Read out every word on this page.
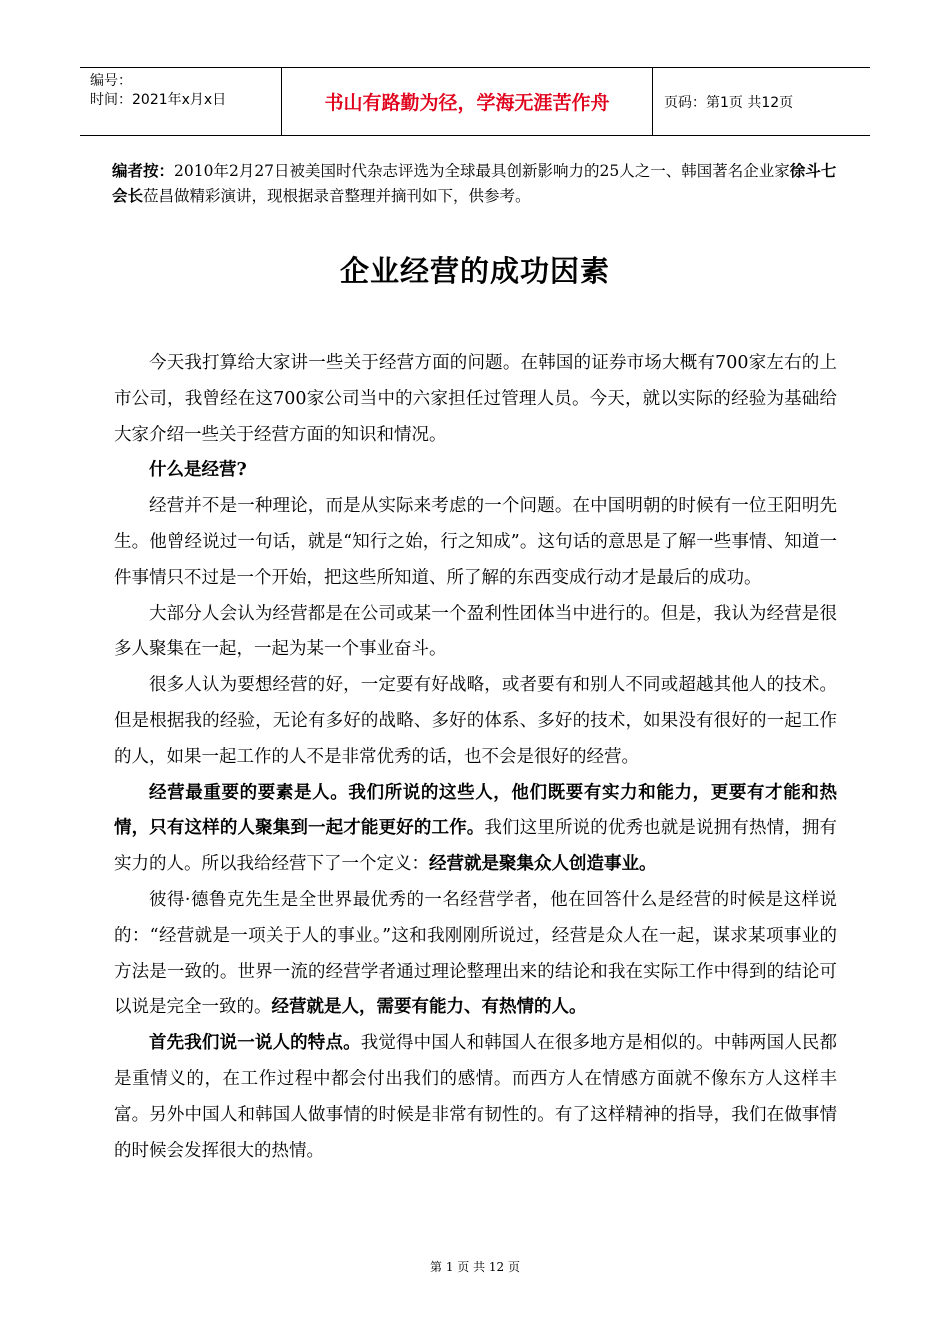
编号：
时间：2021年x月x日	书山有路勤为径，学海无涯苦作舟	页码：第1页 共12页
编者按：2010年2月27日被美国时代杂志评选为全球最具创新影响力的25人之一、韩国著名企业家徐斗七会长莅昌做精彩演讲，现根据录音整理并摘刊如下，供参考。
企业经营的成功因素

今天我打算给大家讲一些关于经营方面的问题。在韩国的证券市场大概有700家左右的上市公司，我曾经在这700家公司当中的六家担任过管理人员。今天，就以实际的经验为基础给大家介绍一些关于经营方面的知识和情况。

什么是经营?

经营并不是一种理论，而是从实际来考虑的一个问题。在中国明朝的时候有一位王阳明先生。他曾经说过一句话，就是“知行之始，行之知成”。这句话的意思是了解一些事情、知道一件事情只不过是一个开始，把这些所知道、所了解的东西变成行动才是最后的成功。

大部分人会认为经营都是在公司或某一个盈利性团体当中进行的。但是，我认为经营是很多人聚集在一起，一起为某一个事业奋斗。

很多人认为要想经营的好，一定要有好战略，或者要有和别人不同或超越其他人的技术。但是根据我的经验，无论有多好的战略、多好的体系、多好的技术，如果没有很好的一起工作的人，如果一起工作的人不是非常优秀的话，也不会是很好的经营。

经营最重要的要素是人。我们所说的这些人，他们既要有实力和能力，更要有才能和热情，只有这样的人聚集到一起才能更好的工作。我们这里所说的优秀也就是说拥有热情，拥有实力的人。所以我给经营下了一个定义：经营就是聚集众人创造事业。

彼得·德鲁克先生是全世界最优秀的一名经营学者，他在回答什么是经营的时候是这样说的：“经营就是一项关于人的事业。”这和我刚刚所说过，经营是众人在一起，谋求某项事业的方法是一致的。世界一流的经营学者通过理论整理出来的结论和我在实际工作中得到的结论可以说是完全一致的。经营就是人，需要有能力、有热情的人。

首先我们说一说人的特点。我觉得中国人和韩国人在很多地方是相似的。中韩两国人民都是重情义的，在工作过程中都会付出我们的感情。而西方人在情感方面就不像东方人这样丰富。另外中国人和韩国人做事情的时候是非常有韧性的。有了这样精神的指导，我们在做事情的时候会发挥很大的热情。

第 1 页 共 12 页
